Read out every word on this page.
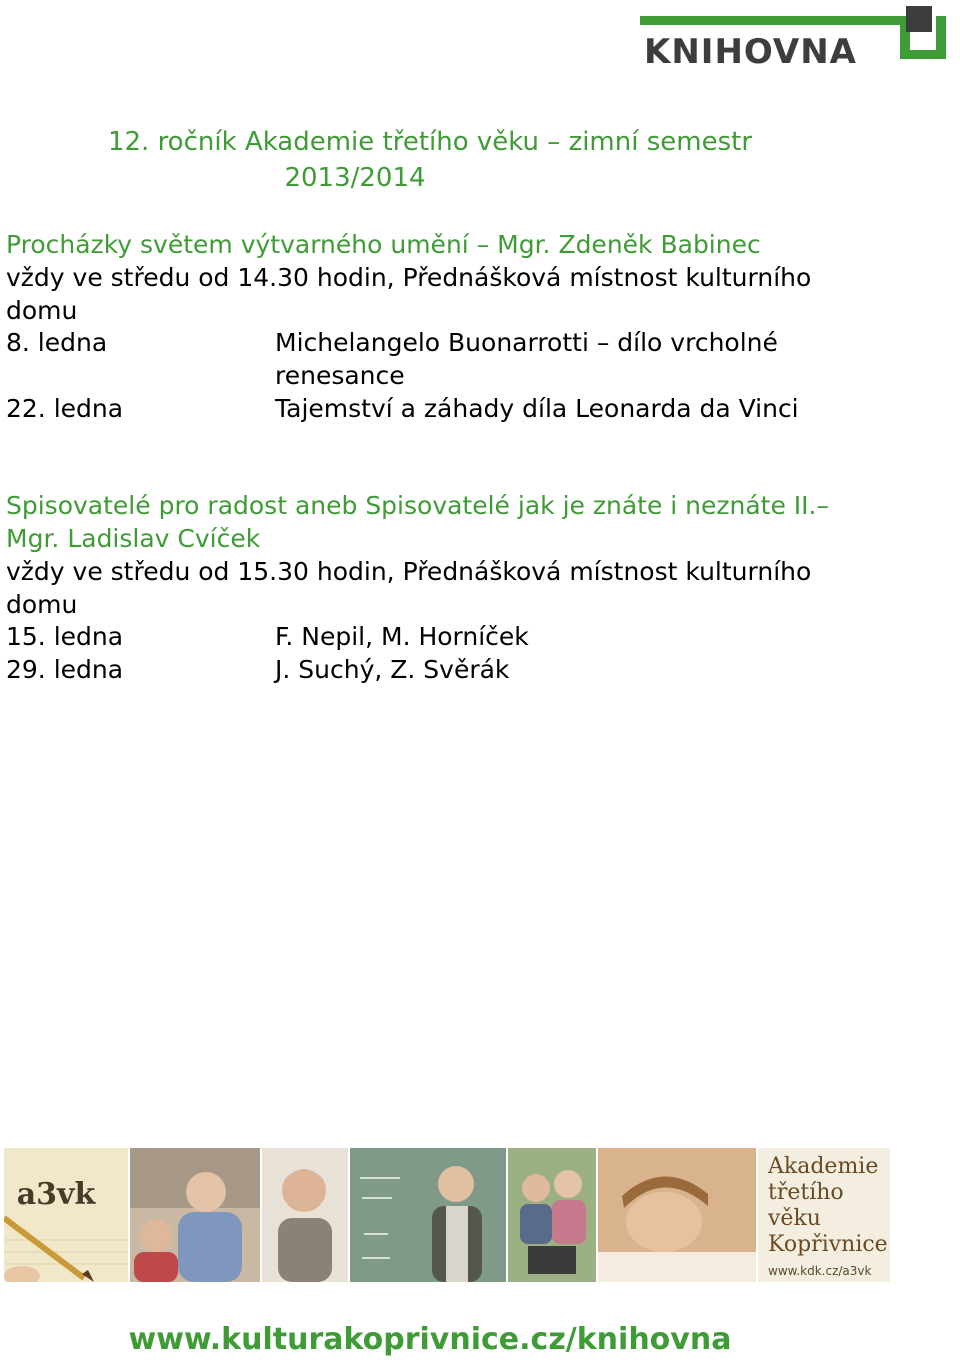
KNIHOVNA
12. ročník Akademie třetího věku – zimní semestr
2013/2014
Procházky světem výtvarného umění – Mgr. Zdeněk Babinec
vždy ve středu od 14.30 hodin, Přednášková místnost kulturního
domu
8. ledna	Michelangelo Buonarrotti – dílo vrcholné renesance
22. ledna	Tajemství a záhady díla Leonarda da Vinci
Spisovatelé pro radost aneb Spisovatelé jak je znáte i neznáte II.–
Mgr. Ladislav Cvíček
vždy ve středu od 15.30 hodin, Přednášková místnost kulturního
domu
15. ledna	F. Nepil, M. Horníček
29. ledna	J. Suchý, Z. Svěrák
a3vk
Akademie
třetího
věku
Kopřivnice
www.kdk.cz/a3vk
www.kulturakoprivnice.cz/knihovna
